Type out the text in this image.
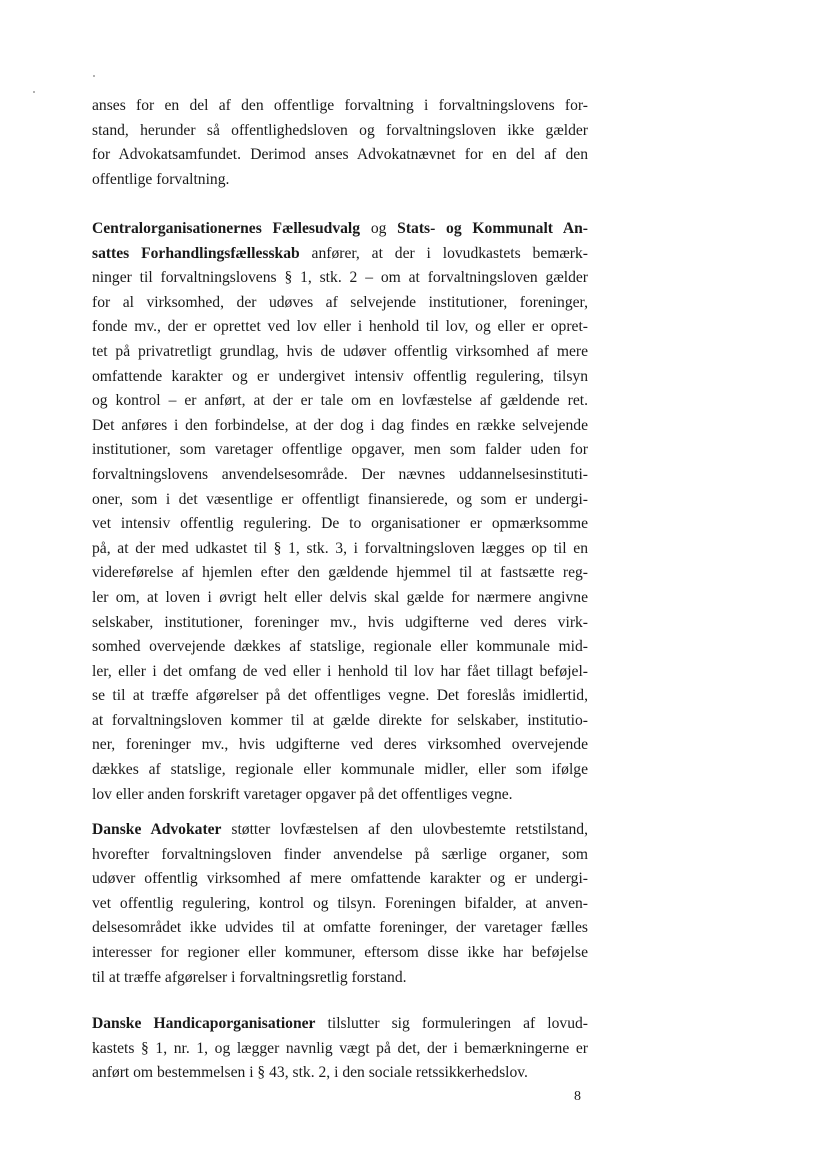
anses for en del af den offentlige forvaltning i forvaltningslovens for-
stand, herunder så offentlighedsloven og forvaltningsloven ikke gælder
for Advokatsamfundet. Derimod anses Advokatnævnet for en del af den
offentlige forvaltning.
Centralorganisationernes Fællesudvalg og Stats- og Kommunalt An-
sattes Forhandlingsfællesskab anfører, at der i lovudkastets bemærk-
ninger til forvaltningslovens § 1, stk. 2 – om at forvaltningsloven gælder
for al virksomhed, der udøves af selvejende institutioner, foreninger,
fonde mv., der er oprettet ved lov eller i henhold til lov, og eller er opret-
tet på privatretligt grundlag, hvis de udøver offentlig virksomhed af mere
omfattende karakter og er undergivet intensiv offentlig regulering, tilsyn
og kontrol – er anført, at der er tale om en lovfæstelse af gældende ret.
Det anføres i den forbindelse, at der dog i dag findes en række selvejende
institutioner, som varetager offentlige opgaver, men som falder uden for
forvaltningslovens anvendelsesområde. Der nævnes uddannelsesinstituti-
oner, som i det væsentlige er offentligt finansierede, og som er undergi-
vet intensiv offentlig regulering. De to organisationer er opmærksomme
på, at der med udkastet til § 1, stk. 3, i forvaltningsloven lægges op til en
videreførelse af hjemlen efter den gældende hjemmel til at fastsætte reg-
ler om, at loven i øvrigt helt eller delvis skal gælde for nærmere angivne
selskaber, institutioner, foreninger mv., hvis udgifterne ved deres virk-
somhed overvejende dækkes af statslige, regionale eller kommunale mid-
ler, eller i det omfang de ved eller i henhold til lov har fået tillagt beføjel-
se til at træffe afgørelser på det offentliges vegne. Det foreslås imidlertid,
at forvaltningsloven kommer til at gælde direkte for selskaber, institutio-
ner, foreninger mv., hvis udgifterne ved deres virksomhed overvejende
dækkes af statslige, regionale eller kommunale midler, eller som ifølge
lov eller anden forskrift varetager opgaver på det offentliges vegne.
Danske Advokater støtter lovfæstelsen af den ulovbestemte retstilstand,
hvorefter forvaltningsloven finder anvendelse på særlige organer, som
udøver offentlig virksomhed af mere omfattende karakter og er undergi-
vet offentlig regulering, kontrol og tilsyn. Foreningen bifalder, at anven-
delsesområdet ikke udvides til at omfatte foreninger, der varetager fælles
interesser for regioner eller kommuner, eftersom disse ikke har beføjelse
til at træffe afgørelser i forvaltningsretlig forstand.
Danske Handicaporganisationer tilslutter sig formuleringen af lovud-
kastets § 1, nr. 1, og lægger navnlig vægt på det, der i bemærkningerne er
anført om bestemmelsen i § 43, stk. 2, i den sociale retssikkerhedslov.
8
